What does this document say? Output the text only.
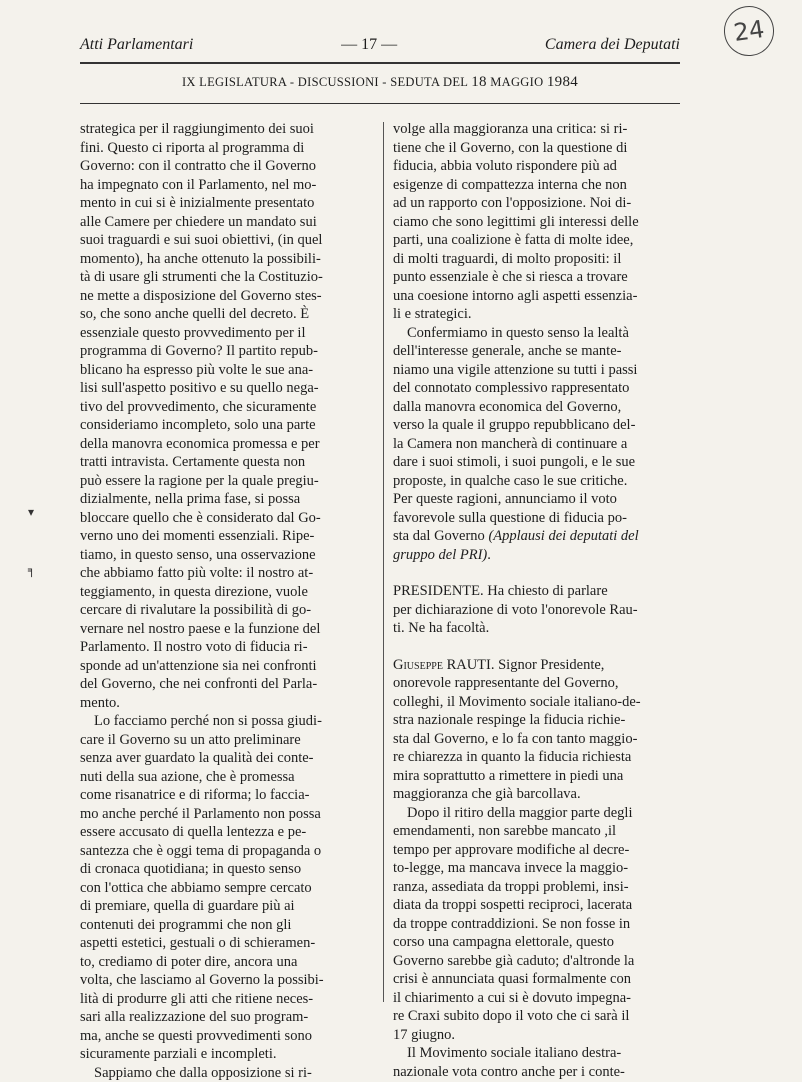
Atti Parlamentari	— 17 —	Camera dei Deputati	24
IX LEGISLATURA - DISCUSSIONI - SEDUTA DEL 18 MAGGIO 1984
▾
╕
strategica per il raggiungimento dei suoi
fini. Questo ci riporta al programma di
Governo: con il contratto che il Governo
ha impegnato con il Parlamento, nel mo-
mento in cui si è inizialmente presentato
alle Camere per chiedere un mandato sui
suoi traguardi e sui suoi obiettivi, (in quel
momento), ha anche ottenuto la possibili-
tà di usare gli strumenti che la Costituzio-
ne mette a disposizione del Governo stes-
so, che sono anche quelli del decreto. È
essenziale questo provvedimento per il
programma di Governo? Il partito repub-
blicano ha espresso più volte le sue ana-
lisi sull'aspetto positivo e su quello nega-
tivo del provvedimento, che sicuramente
consideriamo incompleto, solo una parte
della manovra economica promessa e per
tratti intravista. Certamente questa non
può essere la ragione per la quale pregiu-
dizialmente, nella prima fase, si possa
bloccare quello che è considerato dal Go-
verno uno dei momenti essenziali. Ripe-
tiamo, in questo senso, una osservazione
che abbiamo fatto più volte: il nostro at-
teggiamento, in questa direzione, vuole
cercare di rivalutare la possibilità di go-
vernare nel nostro paese e la funzione del
Parlamento. Il nostro voto di fiducia ri-
sponde ad un'attenzione sia nei confronti
del Governo, che nei confronti del Parla-
mento.
Lo facciamo perché non si possa giudi-
care il Governo su un atto preliminare
senza aver guardato la qualità dei conte-
nuti della sua azione, che è promessa
come risanatrice e di riforma; lo faccia-
mo anche perché il Parlamento non possa
essere accusato di quella lentezza e pe-
santezza che è oggi tema di propaganda o
di cronaca quotidiana; in questo senso
con l'ottica che abbiamo sempre cercato
di premiare, quella di guardare più ai
contenuti dei programmi che non gli
aspetti estetici, gestuali o di schieramen-
to, crediamo di poter dire, ancora una
volta, che lasciamo al Governo la possibi-
lità di produrre gli atti che ritiene neces-
sari alla realizzazione del suo program-
ma, anche se questi provvedimenti sono
sicuramente parziali e incompleti.
Sappiamo che dalla opposizione si ri-
volge alla maggioranza una critica: si ri-
tiene che il Governo, con la questione di
fiducia, abbia voluto rispondere più ad
esigenze di compattezza interna che non
ad un rapporto con l'opposizione. Noi di-
ciamo che sono legittimi gli interessi delle
parti, una coalizione è fatta di molte idee,
di molti traguardi, di molto propositi: il
punto essenziale è che si riesca a trovare
una coesione intorno agli aspetti essenzia-
li e strategici.
Confermiamo in questo senso la lealtà
dell'interesse generale, anche se mante-
niamo una vigile attenzione su tutti i passi
del connotato complessivo rappresentato
dalla manovra economica del Governo,
verso la quale il gruppo repubblicano del-
la Camera non mancherà di continuare a
dare i suoi stimoli, i suoi pungoli, e le sue
proposte, in qualche caso le sue critiche.
Per queste ragioni, annunciamo il voto
favorevole sulla questione di fiducia po-
sta dal Governo (Applausi dei deputati del
gruppo del PRI).
PRESIDENTE. Ha chiesto di parlare
per dichiarazione di voto l'onorevole Rau-
ti. Ne ha facoltà.
Giuseppe RAUTI. Signor Presidente,
onorevole rappresentante del Governo,
colleghi, il Movimento sociale italiano-de-
stra nazionale respinge la fiducia richie-
sta dal Governo, e lo fa con tanto maggio-
re chiarezza in quanto la fiducia richiesta
mira soprattutto a rimettere in piedi una
maggioranza che già barcollava.
Dopo il ritiro della maggior parte degli
emendamenti, non sarebbe mancato ,il
tempo per approvare modifiche al decre-
to-legge, ma mancava invece la maggio-
ranza, assediata da troppi problemi, insi-
diata da troppi sospetti reciproci, lacerata
da troppe contraddizioni. Se non fosse in
corso una campagna elettorale, questo
Governo sarebbe già caduto; d'altronde la
crisi è annunciata quasi formalmente con
il chiarimento a cui si è dovuto impegna-
re Craxi subito dopo il voto che ci sarà il
17 giugno.
Il Movimento sociale italiano destra-
nazionale vota contro anche per i conte-
